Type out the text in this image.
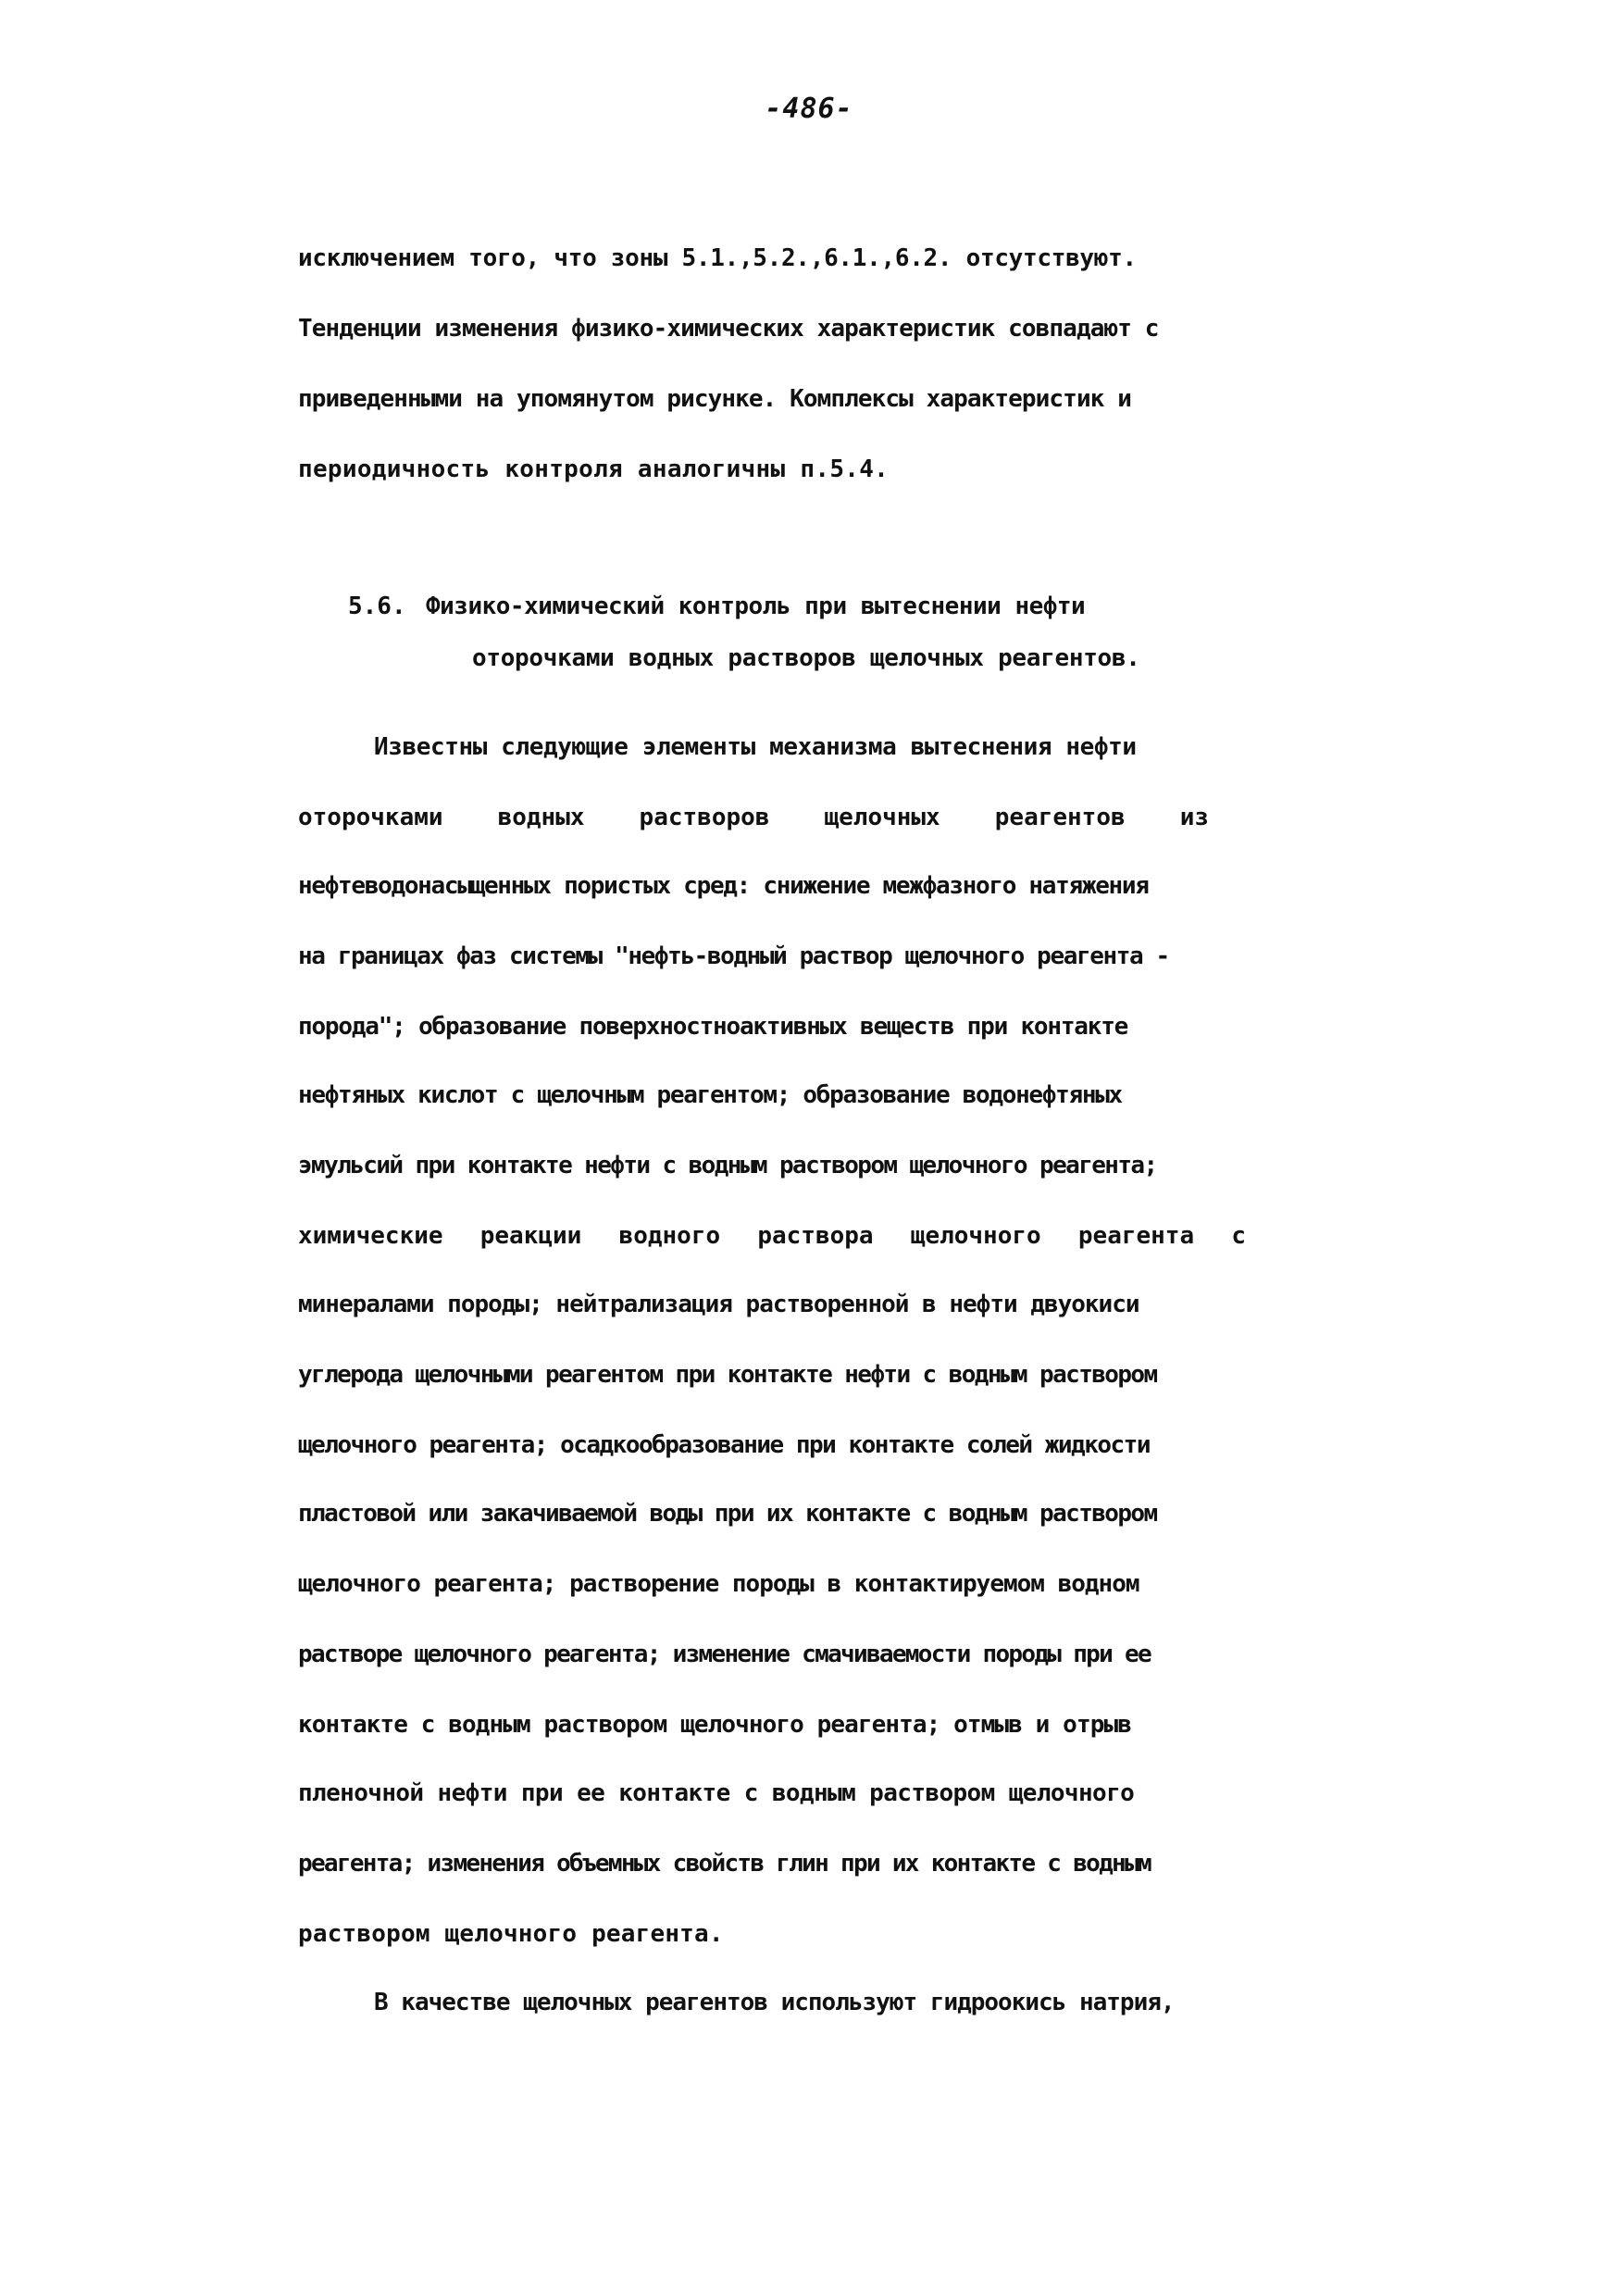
-486-
исключением того, что зоны 5.1.,5.2.,6.1.,6.2. отсутствуют.
Тенденции изменения физико-химических характеристик совпадают с
приведенными на упомянутом рисунке. Комплексы характеристик и
периодичность контроля аналогичны п.5.4.
5.6. Физико-химический контроль при вытеснении нефти
оторочками водных растворов щелочных реагентов.
Известны следующие элементы механизма вытеснения нефти
оторочками водных растворов щелочных реагентов из
нефтеводонасыщенных пористых сред: снижение межфазного натяжения
на границах фаз системы "нефть-водный раствор щелочного реагента -
порода"; образование поверхностноактивных веществ при контакте
нефтяных кислот с щелочным реагентом; образование водонефтяных
эмульсий при контакте нефти с водным раствором щелочного реагента;
химические реакции водного раствора щелочного реагента с
минералами породы; нейтрализация растворенной в нефти двуокиси
углерода щелочными реагентом при контакте нефти с водным раствором
щелочного реагента; осадкообразование при контакте солей жидкости
пластовой или закачиваемой воды при их контакте с водным раствором
щелочного реагента; растворение породы в контактируемом водном
растворе щелочного реагента; изменение смачиваемости породы при ее
контакте с водным раствором щелочного реагента; отмыв и отрыв
пленочной нефти при ее контакте с водным раствором щелочного
реагента; изменения объемных свойств глин при их контакте с водным
раствором щелочного реагента.
В качестве щелочных реагентов используют гидроокись натрия,
